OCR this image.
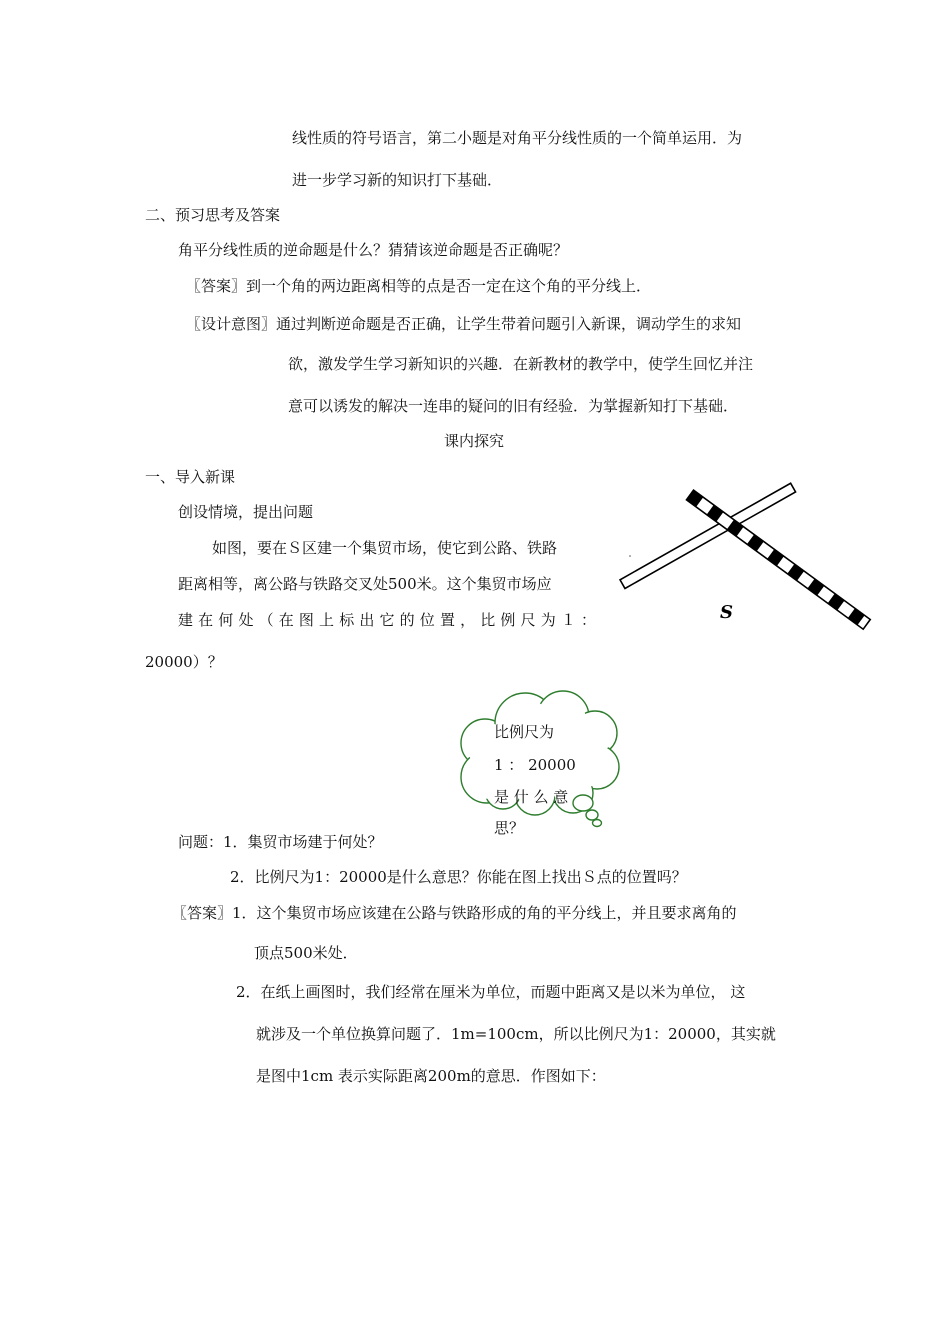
线性质的符号语言，第二小题是对角平分线性质的一个简单运用．为
进一步学习新的知识打下基础．
二、预习思考及答案
角平分线性质的逆命题是什么？猜猜该逆命题是否正确呢？
〖答案〗到一个角的两边距离相等的点是否一定在这个角的平分线上．
〖设计意图〗通过判断逆命题是否正确，让学生带着问题引入新课，调动学生的求知
欲，激发学生学习新知识的兴趣．在新教材的教学中，使学生回忆并注
意可以诱发的解决一连串的疑问的旧有经验．为掌握新知打下基础．
课内探究
一、导入新课
创设情境，提出问题
如图，要在Ｓ区建一个集贸市场，使它到公路、铁路
距离相等，离公路与铁路交叉处500米。这个集贸市场应
建在何处（在图上标出它的位置，比例尺为１：
20000）？
S
比例尺为
1 ： 20000
是 什 么 意
思？
问题：1．集贸市场建于何处？
2．比例尺为1：20000是什么意思？你能在图上找出Ｓ点的位置吗？
〖答案〗1．这个集贸市场应该建在公路与铁路形成的角的平分线上，并且要求离角的
顶点500米处．
2．在纸上画图时，我们经常在厘米为单位，而题中距离又是以米为单位， 这
就涉及一个单位换算问题了．1m=100cm，所以比例尺为1：20000，其实就
是图中1cm 表示实际距离200m的意思．作图如下：
